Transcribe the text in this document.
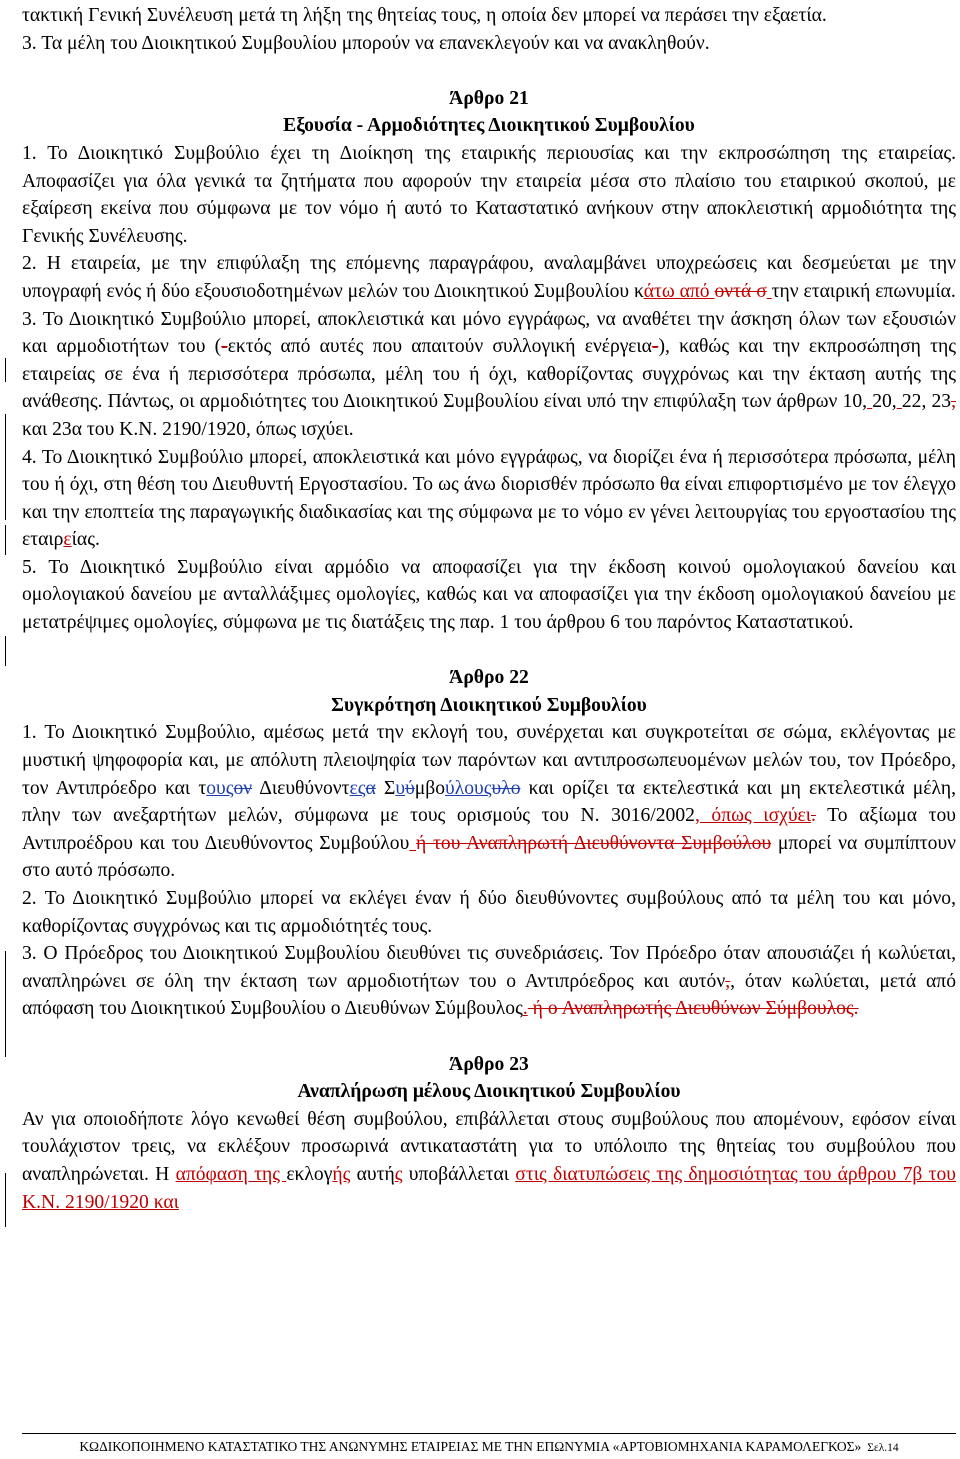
τακτική Γενική Συνέλευση μετά τη λήξη της θητείας τους, η οποία δεν μπορεί να περάσει την εξαετία.

3. Τα μέλη του Διοικητικού Συμβουλίου μπορούν να επανεκλεγούν και να ανακληθούν.

Άρθρο 21

Εξουσία - Αρμοδιότητες Διοικητικού Συμβουλίου

1. Το Διοικητικό Συμβούλιο έχει τη Διοίκηση της εταιρικής περιουσίας και την εκπροσώπηση της εταιρείας. Αποφασίζει για όλα γενικά τα ζητήματα που αφορούν την εταιρεία μέσα στο πλαίσιο του εταιρικού σκοπού, με εξαίρεση εκείνα που σύμφωνα με τον νόμο ή αυτό το Καταστατικό ανήκουν στην αποκλειστική αρμοδιότητα της Γενικής Συνέλευσης.

2. Η εταιρεία, με την επιφύλαξη της επόμενης παραγράφου, αναλαμβάνει υποχρεώσεις και δεσμεύεται με την υπογραφή ενός ή δύο εξουσιοδοτημένων μελών του Διοικητικού Συμβουλίου κάτω από οντά σ την εταιρική επωνυμία.

3. Το Διοικητικό Συμβούλιο μπορεί, αποκλειστικά και μόνο εγγράφως, να αναθέτει την άσκηση όλων των εξουσιών και αρμοδιοτήτων του (-εκτός από αυτές που απαιτούν συλλογική ενέργεια-), καθώς και την εκπροσώπηση της εταιρείας σε ένα ή περισσότερα πρόσωπα, μέλη του ή όχι, καθορίζοντας συγχρόνως και την έκταση αυτής της ανάθεσης. Πάντως, οι αρμοδιότητες του Διοικητικού Συμβουλίου είναι υπό την επιφύλαξη των άρθρων 10, 20, 22, 23, και 23α του Κ.Ν. 2190/1920, όπως ισχύει.

4. Το Διοικητικό Συμβούλιο μπορεί, αποκλειστικά και μόνο εγγράφως, να διορίζει ένα ή περισσότερα πρόσωπα, μέλη του ή όχι, στη θέση του Διευθυντή Εργοστασίου. Το ως άνω διορισθέν πρόσωπο θα είναι επιφορτισμένο με τον έλεγχο και την εποπτεία της παραγωγικής διαδικασίας και της σύμφωνα με το νόμο εν γένει λειτουργίας του εργοστασίου της εταιρείας.

5. Το Διοικητικό Συμβούλιο είναι αρμόδιο να αποφασίζει για την έκδοση κοινού ομολογιακού δανείου και ομολογιακού δανείου με ανταλλάξιμες ομολογίες, καθώς και να αποφασίζει για την έκδοση ομολογιακού δανείου με μετατρέψιμες ομολογίες, σύμφωνα με τις διατάξεις της παρ. 1 του άρθρου 6 του παρόντος Καταστατικού.

Άρθρο 22

Συγκρότηση Διοικητικού Συμβουλίου

1. Το Διοικητικό Συμβούλιο, αμέσως μετά την εκλογή του, συνέρχεται και συγκροτείται σε σώμα, εκλέγοντας με μυστική ψηφοφορία και, με απόλυτη πλειοψηφία των παρόντων και αντιπροσωπευομένων μελών του, τον Πρόεδρο, τον Αντιπρόεδρο και τουςον Διευθύνοντεςα Συύμβούλουςυλο και ορίζει τα εκτελεστικά και μη εκτελεστικά μέλη, πλην των ανεξαρτήτων μελών, σύμφωνα με τους ορισμούς του Ν. 3016/2002, όπως ισχύει. Το αξίωμα του Αντιπροέδρου και του Διευθύνοντος Συμβούλου ή του Αναπληρωτή Διευθύνοντα Συμβούλου μπορεί να συμπίπτουν στο αυτό πρόσωπο.

2. Το Διοικητικό Συμβούλιο μπορεί να εκλέγει έναν ή δύο διευθύνοντες συμβούλους από τα μέλη του και μόνο, καθορίζοντας συγχρόνως και τις αρμοδιότητές τους.

3. Ο Πρόεδρος του Διοικητικού Συμβουλίου διευθύνει τις συνεδριάσεις. Τον Πρόεδρο όταν απουσιάζει ή κωλύεται, αναπληρώνει σε όλη την έκταση των αρμοδιοτήτων του ο Αντιπρόεδρος και αυτόν,, όταν κωλύεται, μετά από απόφαση του Διοικητικού Συμβουλίου ο Διευθύνων Σύμβουλος. ή ο Αναπληρωτής Διευθύνων Σύμβουλος.

Άρθρο 23

Αναπλήρωση μέλους Διοικητικού Συμβουλίου

Αν για οποιοδήποτε λόγο κενωθεί θέση συμβούλου, επιβάλλεται στους συμβούλους που απομένουν, εφόσον είναι τουλάχιστον τρεις, να εκλέξουν προσωρινά αντικαταστάτη για το υπόλοιπο της θητείας του συμβούλου που αναπληρώνεται. Η απόφαση της εκλογής αυτής υποβάλλεται στις διατυπώσεις της δημοσιότητας του άρθρου 7β του Κ.Ν. 2190/1920 και

ΚΩΔΙΚΟΠΟΙΗΜΕΝΟ ΚΑΤΑΣΤΑΤΙΚΟ ΤΗΣ ΑΝΩΝΥΜΗΣ ΕΤΑΙΡΕΙΑΣ ΜΕ ΤΗΝ ΕΠΩΝΥΜΙΑ «ΑΡΤΟΒΙΟΜΗΧΑΝΙΑ ΚΑΡΑΜΟΛΕΓΚΟΣ» Σελ.14
